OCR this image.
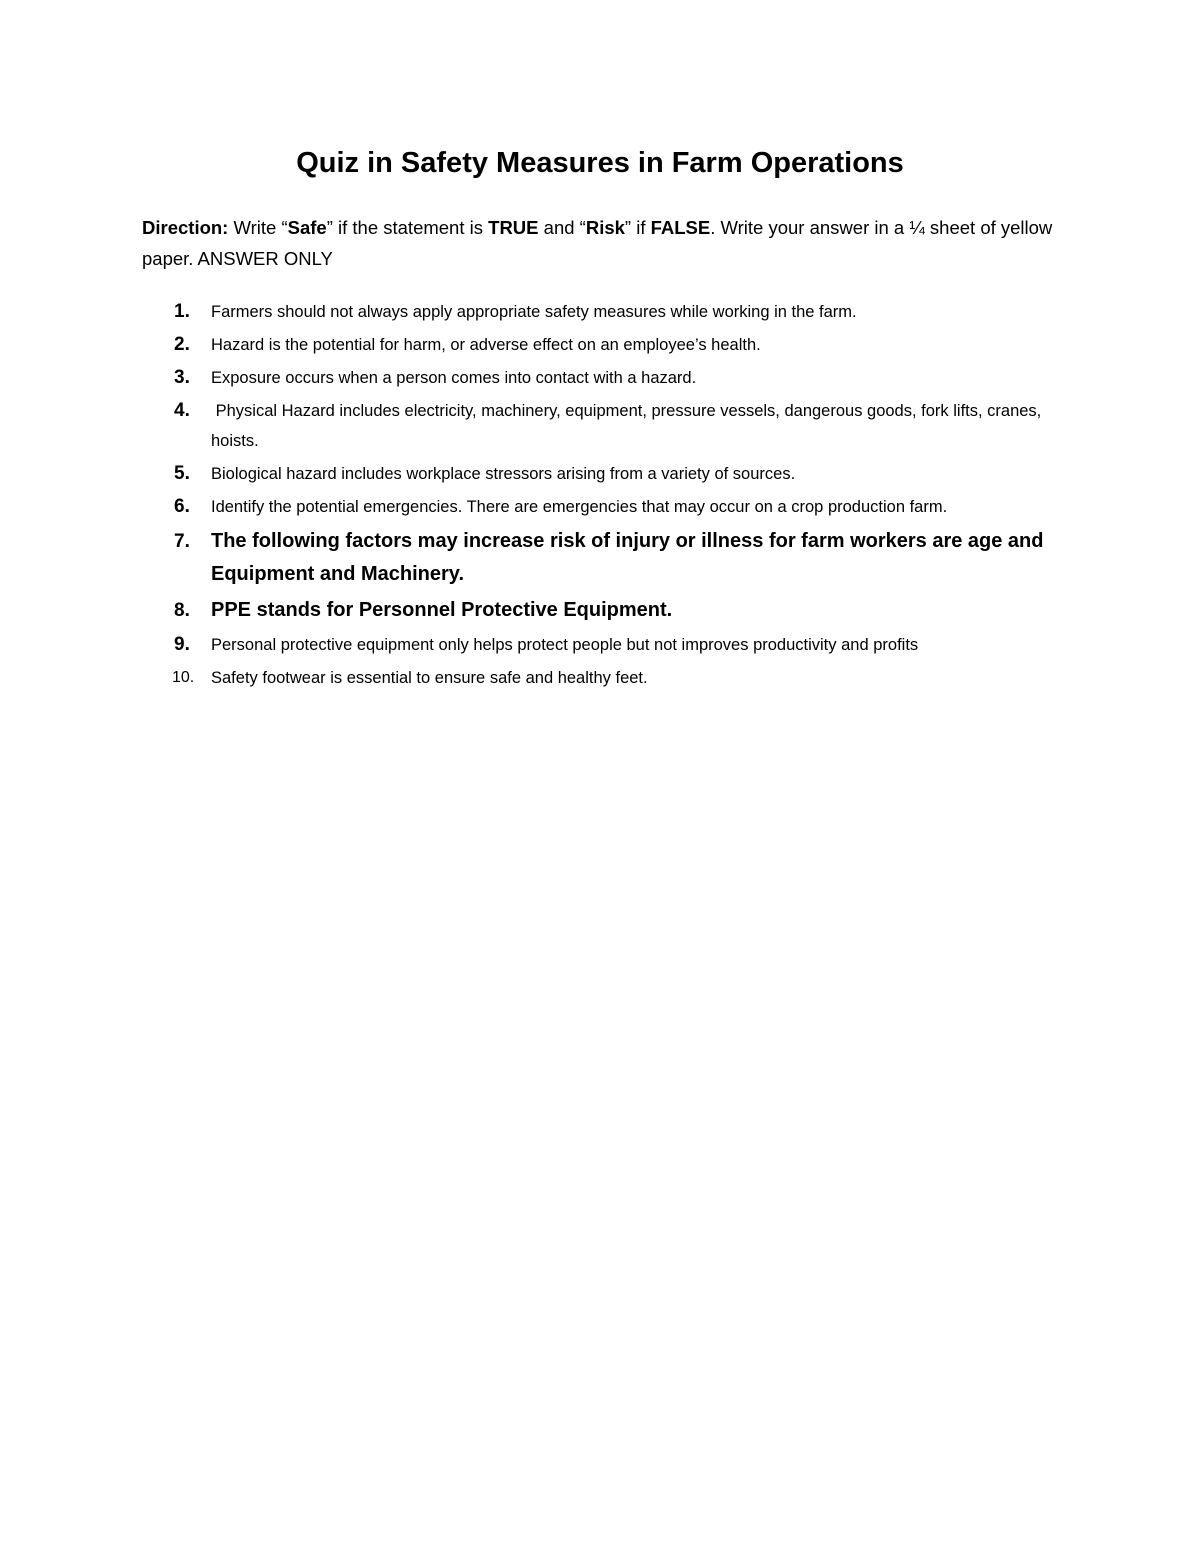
Quiz in Safety Measures in Farm Operations

Direction: Write “Safe” if the statement is TRUE and “Risk” if FALSE. Write your answer in a ¼ sheet of yellow paper. ANSWER ONLY

1. Farmers should not always apply appropriate safety measures while working in the farm.
2. Hazard is the potential for harm, or adverse effect on an employee’s health.
3. Exposure occurs when a person comes into contact with a hazard.
4. Physical Hazard includes electricity, machinery, equipment, pressure vessels, dangerous goods, fork lifts, cranes, hoists.
5. Biological hazard includes workplace stressors arising from a variety of sources.
6. Identify the potential emergencies. There are emergencies that may occur on a crop production farm.
7. The following factors may increase risk of injury or illness for farm workers are age and Equipment and Machinery.
8. PPE stands for Personnel Protective Equipment.
9. Personal protective equipment only helps protect people but not improves productivity and profits
10. Safety footwear is essential to ensure safe and healthy feet.
